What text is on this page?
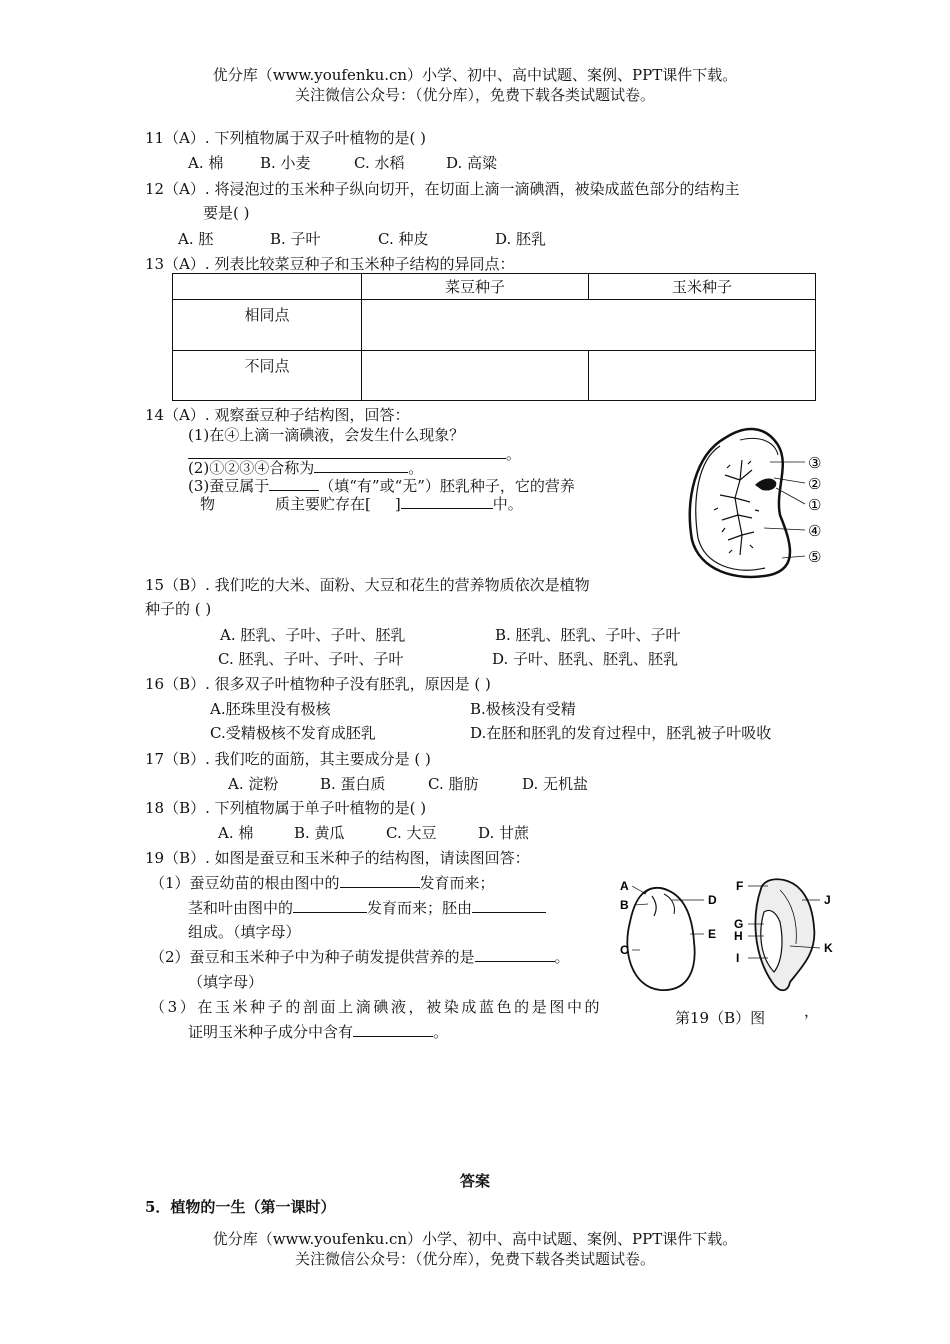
优分库（www.youfenku.cn）小学、初中、高中试题、案例、PPT课件下载。
关注微信公众号：（优分库），免费下载各类试题试卷。
11（A）. 下列植物属于双子叶植物的是( )
A. 棉 B. 小麦	C. 水稻	D. 高粱
12（A）. 将浸泡过的玉米种子纵向切开，在切面上滴一滴碘酒，被染成蓝色部分的结构主
要是( )
A. 胚	B. 子叶	C. 种皮	D. 胚乳
13（A）. 列表比较菜豆种子和玉米种子结构的异同点：
	菜豆种子	玉米种子
相同点		
不同点		
14（A）. 观察蚕豆种子结构图，回答：
(1)在④上滴一滴碘液，会发生什么现象？
。
(2)①②③④合称为	。
(3)蚕豆属于	（填“有”或“无”）胚乳种子，它的营养
物	质主要贮存在[ ]	中。
③
②
①
④
⑤
15（B）. 我们吃的大米、面粉、大豆和花生的营养物质依次是植物
种子的 ( )
A. 胚乳、子叶、子叶、胚乳	B. 胚乳、胚乳、子叶、子叶
C. 胚乳、子叶、子叶、子叶	D. 子叶、胚乳、胚乳、胚乳
16（B）. 很多双子叶植物种子没有胚乳，原因是 ( )
A.胚珠里没有极核	B.极核没有受精
C.受精极核不发育成胚乳	D.在胚和胚乳的发育过程中，胚乳被子叶吸收
17（B）. 我们吃的面筋，其主要成分是 ( )
A. 淀粉	B. 蛋白质	C. 脂肪	D. 无机盐
18（B）. 下列植物属于单子叶植物的是( )
A. 棉	B. 黄瓜	C. 大豆	D. 甘蔗
19（B）. 如图是蚕豆和玉米种子的结构图，请读图回答：
（1）蚕豆幼苗的根由图中的	发育而来；
茎和叶由图中的	发育而来；胚由
组成。（填字母）
（2）蚕豆和玉米种子中为种子萌发提供营养的是	。
（填字母）
（3）在玉米种子的剖面上滴碘液，被染成蓝色的是图中的	，
证明玉米种子成分中含有	。
A
B
C
D
E
F
G
H
I
J
K
第19（B）图
答案
5．植物的一生（第一课时）
优分库（www.youfenku.cn）小学、初中、高中试题、案例、PPT课件下载。
关注微信公众号：（优分库），免费下载各类试题试卷。
